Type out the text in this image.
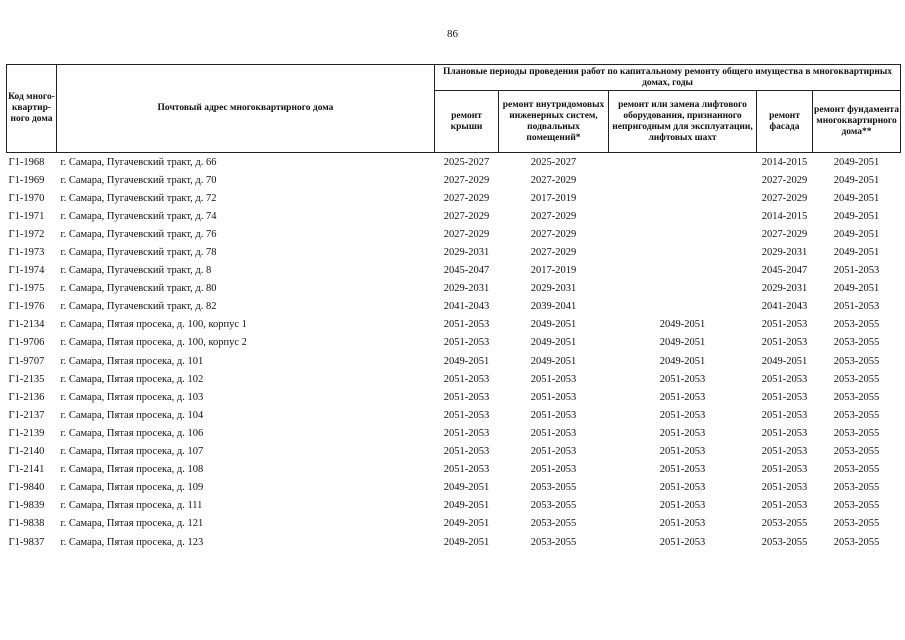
86
Код много-квартир-ного дома	Почтовый адрес многоквартирного дома	Плановые периоды проведения работ по капитальному ремонту общего имущества в многоквартирных домах, годы				
		ремонт крыши	ремонт внутридомовых инженерных систем, подвальных помещений*	ремонт или замена лифтового оборудования, признанного непригодным для эксплуатации, лифтовых шахт	ремонт фасада	ремонт фундамента многоквартирного дома**
Г1-1968	г. Самара, Пугачевский тракт, д. 66	2025-2027	2025-2027		2014-2015	2049-2051
Г1-1969	г. Самара, Пугачевский тракт, д. 70	2027-2029	2027-2029		2027-2029	2049-2051
Г1-1970	г. Самара, Пугачевский тракт, д. 72	2027-2029	2017-2019		2027-2029	2049-2051
Г1-1971	г. Самара, Пугачевский тракт, д. 74	2027-2029	2027-2029		2014-2015	2049-2051
Г1-1972	г. Самара, Пугачевский тракт, д. 76	2027-2029	2027-2029		2027-2029	2049-2051
Г1-1973	г. Самара, Пугачевский тракт, д. 78	2029-2031	2027-2029		2029-2031	2049-2051
Г1-1974	г. Самара, Пугачевский тракт, д. 8	2045-2047	2017-2019		2045-2047	2051-2053
Г1-1975	г. Самара, Пугачевский тракт, д. 80	2029-2031	2029-2031		2029-2031	2049-2051
Г1-1976	г. Самара, Пугачевский тракт, д. 82	2041-2043	2039-2041		2041-2043	2051-2053
Г1-2134	г. Самара, Пятая просека, д. 100, корпус 1	2051-2053	2049-2051	2049-2051	2051-2053	2053-2055
Г1-9706	г. Самара, Пятая просека, д. 100, корпус 2	2051-2053	2049-2051	2049-2051	2051-2053	2053-2055
Г1-9707	г. Самара, Пятая просека, д. 101	2049-2051	2049-2051	2049-2051	2049-2051	2053-2055
Г1-2135	г. Самара, Пятая просека, д. 102	2051-2053	2051-2053	2051-2053	2051-2053	2053-2055
Г1-2136	г. Самара, Пятая просека, д. 103	2051-2053	2051-2053	2051-2053	2051-2053	2053-2055
Г1-2137	г. Самара, Пятая просека, д. 104	2051-2053	2051-2053	2051-2053	2051-2053	2053-2055
Г1-2139	г. Самара, Пятая просека, д. 106	2051-2053	2051-2053	2051-2053	2051-2053	2053-2055
Г1-2140	г. Самара, Пятая просека, д. 107	2051-2053	2051-2053	2051-2053	2051-2053	2053-2055
Г1-2141	г. Самара, Пятая просека, д. 108	2051-2053	2051-2053	2051-2053	2051-2053	2053-2055
Г1-9840	г. Самара, Пятая просека, д. 109	2049-2051	2053-2055	2051-2053	2051-2053	2053-2055
Г1-9839	г. Самара, Пятая просека, д. 111	2049-2051	2053-2055	2051-2053	2051-2053	2053-2055
Г1-9838	г. Самара, Пятая просека, д. 121	2049-2051	2053-2055	2051-2053	2053-2055	2053-2055
Г1-9837	г. Самара, Пятая просека, д. 123	2049-2051	2053-2055	2051-2053	2053-2055	2053-2055
